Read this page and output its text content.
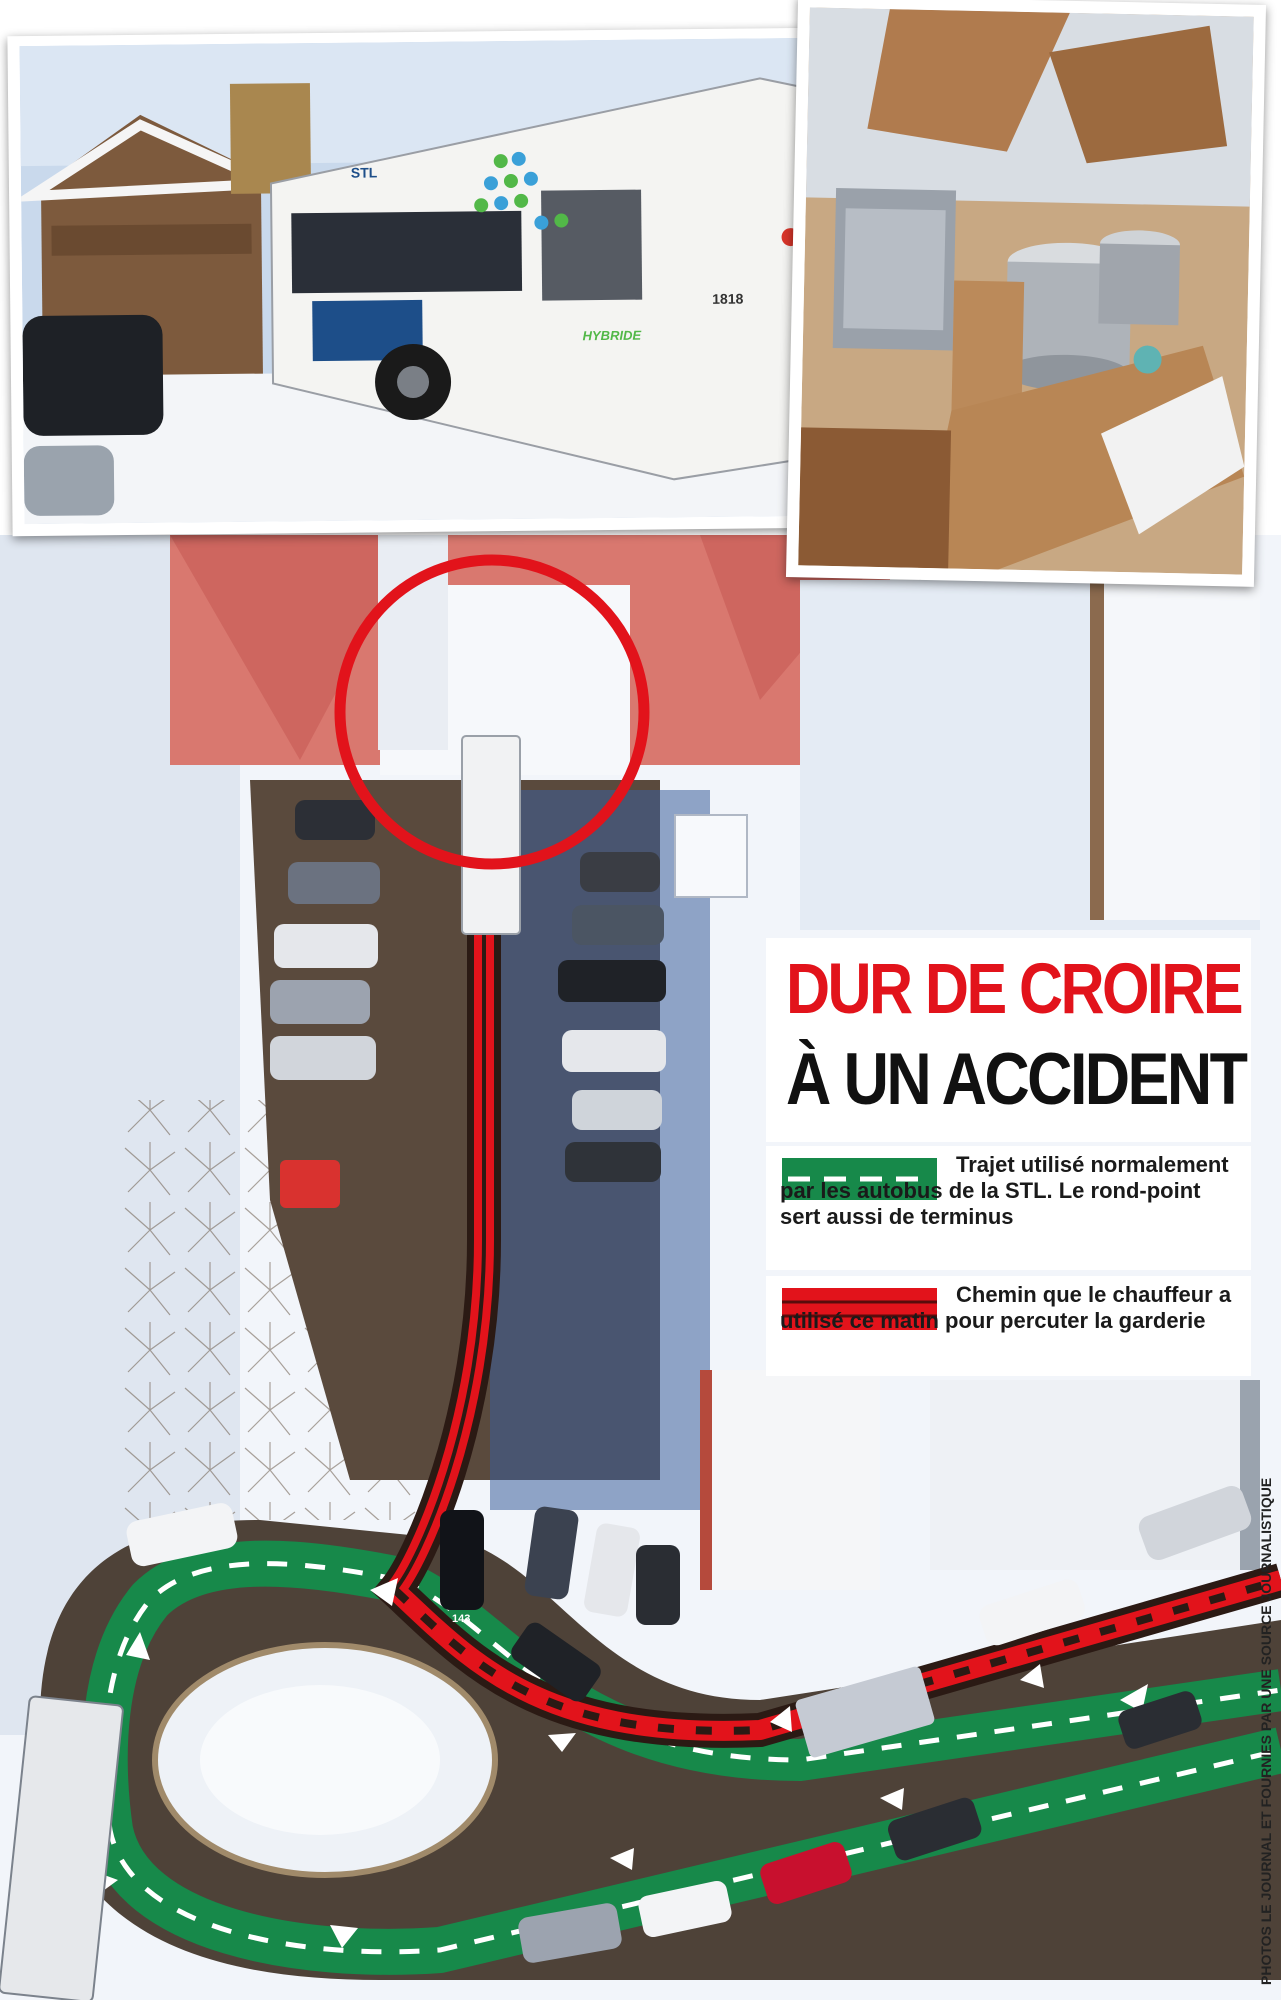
143
STL
1818
HYBRIDE
DUR DE CROIRE
À UN ACCIDENT
Trajet utilisé normalement par les autobus de la STL. Le rond-point sert aussi de terminus
Chemin que le chauffeur a utilisé ce matin pour percuter la garderie
PHOTOS LE JOURNAL ET FOURNIES PAR UNE SOURCE JOURNALISTIQUE
